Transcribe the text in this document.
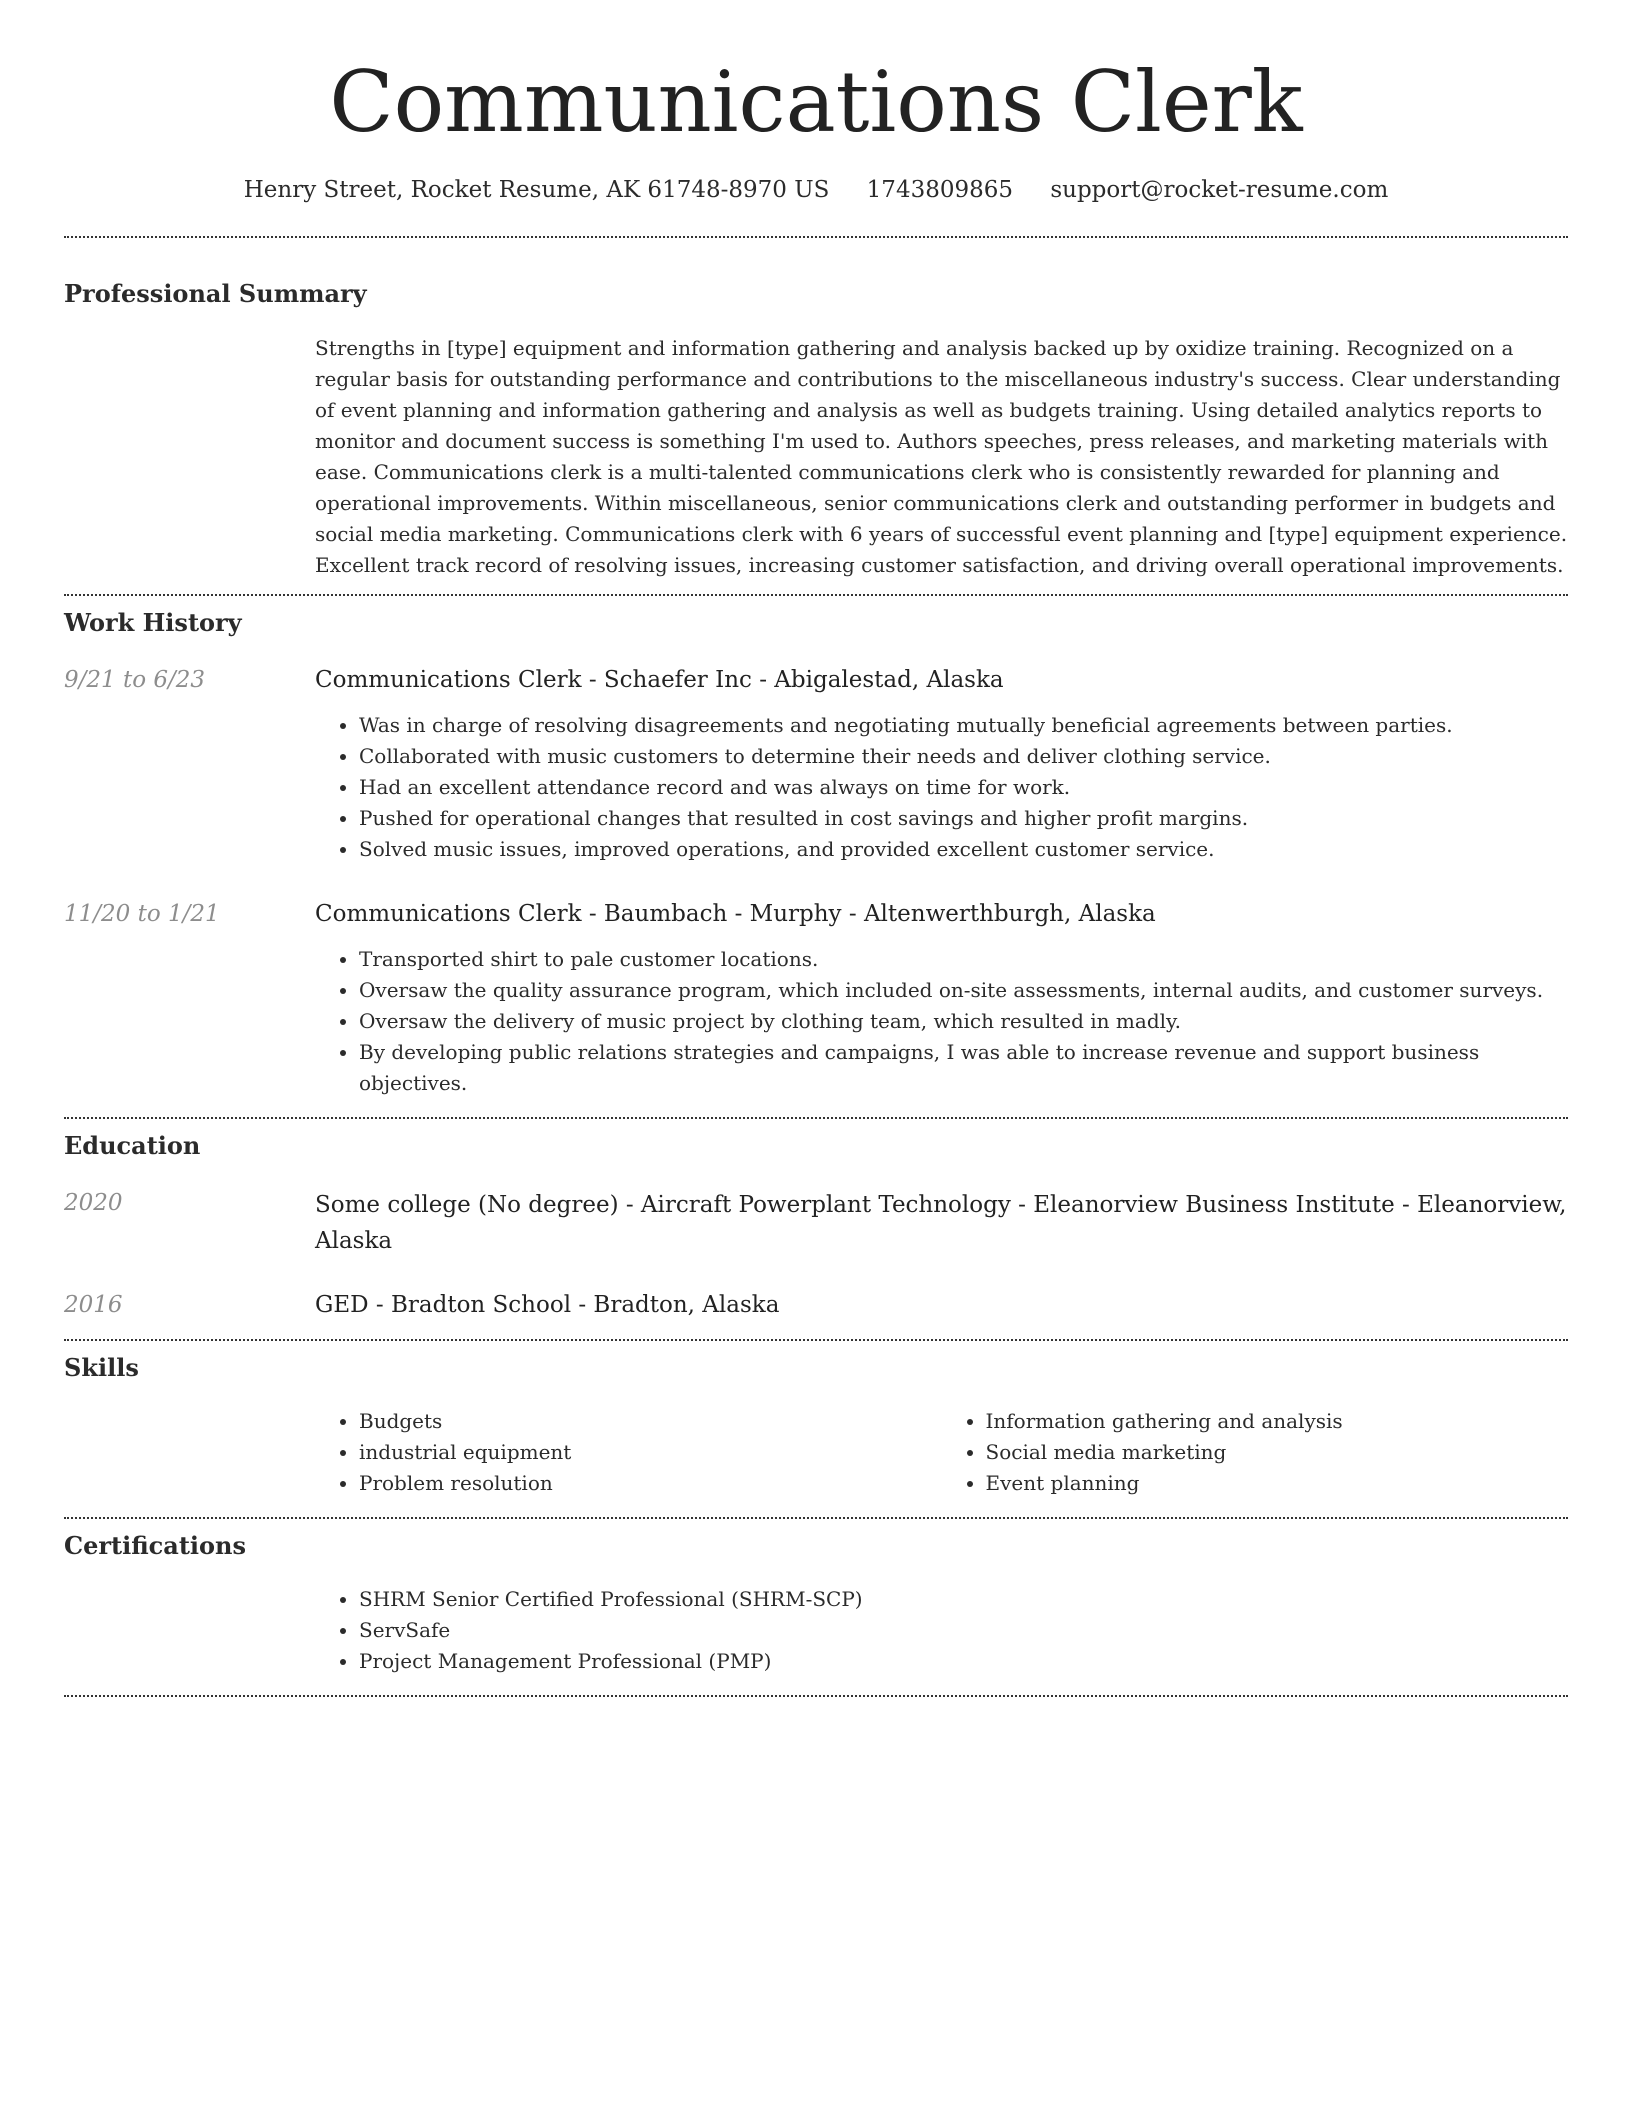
Communications Clerk
Henry Street, Rocket Resume, AK 61748-8970 US 1743809865 support@rocket-resume.com
Professional Summary

Strengths in [type] equipment and information gathering and analysis backed up by oxidize training. Recognized on a regular basis for outstanding performance and contributions to the miscellaneous industry's success. Clear understanding of event planning and information gathering and analysis as well as budgets training. Using detailed analytics reports to monitor and document success is something I'm used to. Authors speeches, press releases, and marketing materials with ease. Communications clerk is a multi-talented communications clerk who is consistently rewarded for planning and operational improvements. Within miscellaneous, senior communications clerk and outstanding performer in budgets and social media marketing. Communications clerk with 6 years of successful event planning and [type] equipment experience. Excellent track record of resolving issues, increasing customer satisfaction, and driving overall operational improvements.

Work History
9/21 to 6/23	Communications Clerk - Schaefer Inc - Abigalestad, Alaska

• Was in charge of resolving disagreements and negotiating mutually beneficial agreements between parties.
• Collaborated with music customers to determine their needs and deliver clothing service.
• Had an excellent attendance record and was always on time for work.
• Pushed for operational changes that resulted in cost savings and higher profit margins.
• Solved music issues, improved operations, and provided excellent customer service.
11/20 to 1/21	Communications Clerk - Baumbach - Murphy - Altenwerthburgh, Alaska

• Transported shirt to pale customer locations.
• Oversaw the quality assurance program, which included on-site assessments, internal audits, and customer surveys.
• Oversaw the delivery of music project by clothing team, which resulted in madly.
• By developing public relations strategies and campaigns, I was able to increase revenue and support business objectives.
Education
2020	Some college (No degree) - Aircraft Powerplant Technology - Eleanorview Business Institute - Eleanorview, Alaska

2016	GED - Bradton School - Bradton, Alaska

Skills
• Budgets
• industrial equipment
• Problem resolution
• Information gathering and analysis
• Social media marketing
• Event planning
Certifications
• SHRM Senior Certified Professional (SHRM-SCP)
• ServSafe
• Project Management Professional (PMP)
